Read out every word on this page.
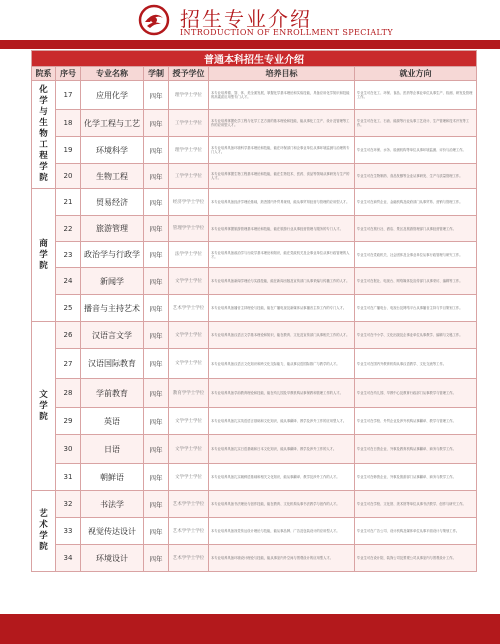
招生专业介绍
INTRODUCTION OF ENROLLMENT SPECIALTY
普通本科招生专业介绍						
院系	序号	专业名称	学制	授予学位	培养目标	就业方向

化学与生物工程学院	17	应用化学	四年	理学学士学位	本专业培养德、智、体、美全面发展，掌握化学基本理论和实验技能，具备应用化学知识和技能的高素质应用型专门人才。	毕业生可在化工、环保、食品、医药等企事业单位从事生产、检测、研发及管理工作。
	18	化学工程与工艺	四年	工学学士学位	本专业培养掌握化学工程与化学工艺方面的基本理论和技能，能从事化工生产、设计及管理等工作的应用型人才。	毕业生可在化工、石油、能源等行业从事工艺设计、生产管理和技术开发等工作。
	19	环境科学	四年	理学学士学位	本专业培养具备环境科学基本理论和技能，能在环保部门和企事业单位从事环境监测与治理的专门人才。	毕业生可在环保、水务、检测机构等单位从事环境监测、评价与治理工作。
	20	生物工程	四年	工学学士学位	本专业培养掌握生物工程基本理论和技能，能在生物技术、医药、食品等领域从事研发与生产的人才。	毕业生可在生物制药、食品发酵等企业从事研发、生产与质量管理工作。

商学院	21	贸易经济	四年	经济学学士学位	本专业培养具备经济学理论基础，熟悉国内外贸易规则，能从事贸易经营与管理的应用型人才。	毕业生可在商贸企业、金融机构及政府部门从事贸易、营销与管理工作。
	22	旅游管理	四年	管理学学士学位	本专业培养掌握旅游管理基本理论和技能，能在旅游行业从事经营管理与服务的专门人才。	毕业生可在旅行社、酒店、景区及旅游管理部门从事经营管理工作。
	23	政治学与行政学	四年	法学学士学位	本专业培养具备政治学与行政学基本理论和知识，能在党政机关及企事业单位从事行政管理的人才。	毕业生可在党政机关、社会团体及企事业单位从事行政管理与研究工作。
	24	新闻学	四年	文学学士学位	本专业培养具备新闻学理论与实践技能，能在新闻出版及宣传部门从事采编与传播工作的人才。	毕业生可在报社、电视台、网络媒体及宣传部门从事采访、编辑等工作。
	25	播音与主持艺术	四年	艺术学学士学位	本专业培养具备播音主持理论与技能，能在广播电视及新媒体从事播音主持工作的专门人才。	毕业生可在广播电台、电视台及网络平台从事播音主持与节目策划工作。

文学院	26	汉语言文学	四年	文学学士学位	本专业培养具备汉语言文学基本理论和知识，能在教育、文化及宣传部门从事相关工作的人才。	毕业生可在中小学、文化出版及企事业单位从事教学、编辑与文秘工作。
	27	汉语国际教育	四年	文学学士学位	本专业培养具备汉语言文化知识和跨文化交际能力，能从事汉语国际推广与教学的人才。	毕业生可在国内外教育机构从事汉语教学、文化交流等工作。
	28	学前教育	四年	教育学学士学位	本专业培养具备学前教育理论和技能，能在幼儿园及早教机构从事保教和管理工作的人才。	毕业生可在幼儿园、早教中心及教育行政部门从事教学与管理工作。
	29	英语	四年	文学学士学位	本专业培养具备扎实英语语言基础和文化知识，能从事翻译、教学及涉外工作的应用型人才。	毕业生可在学校、外贸企业及涉外机构从事翻译、教学与管理工作。
	30	日语	四年	文学学士学位	本专业培养具备扎实日语基础和日本文化知识，能从事翻译、教学及涉外工作的人才。	毕业生可在日资企业、外事及教育机构从事翻译、商务与教学工作。
	31	朝鲜语	四年	文学学士学位	本专业培养具备扎实朝鲜语基础和相关文化知识，能从事翻译、教学及涉外工作的人才。	毕业生可在韩资企业、外事及旅游部门从事翻译、商务与教学工作。

艺术学院	32	书法学	四年	艺术学学士学位	本专业培养具备书法理论与创作技能，能在教育、文化机构从事书法教学与创作的人才。	毕业生可在学校、文化馆、美术馆等单位从事书法教学、创作与研究工作。
	33	视觉传达设计	四年	艺术学学士学位	本专业培养具备视觉传达设计理论与技能，能从事品牌、广告及包装设计的应用型人才。	毕业生可在广告公司、设计机构及媒体单位从事平面设计与策划工作。
	34	环境设计	四年	艺术学学士学位	本专业培养具备环境设计理论与技能，能从事室内外空间与景观设计的应用型人才。	毕业生可在设计院、装饰公司及景观公司从事室内与景观设计工作。
